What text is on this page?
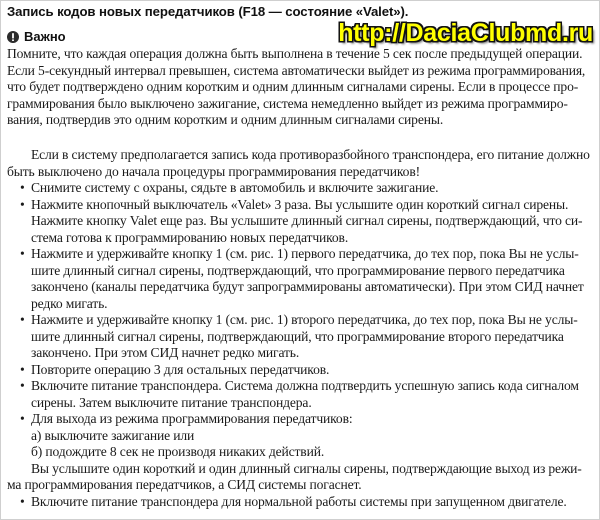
Запись кодов новых передатчиков (F18 — состояние «Valet»).
http://DaciaClubmd.ru
Важно
Помните, что каждая операция должна быть выполнена в течение 5 сек после предыдущей операции.
Если 5-секундный интервал превышен, система автоматически выйдет из режима программирования,
что будет подтверждено одним коротким и одним длинным сигналами сирены. Если в процессе про-
граммирования было выключено зажигание, система немедленно выйдет из режима программиро-
вания, подтвердив это одним коротким и одним длинным сигналами сирены.
Если в систему предполагается запись кода противоразбойного транспондера, его питание должно
быть выключено до начала процедуры программирования передатчиков!
• Снимите систему с охраны, сядьте в автомобиль и включите зажигание.
• Нажмите кнопочный выключатель «Valet» 3 раза. Вы услышите один короткий сигнал сирены.
Нажмите кнопку Valet еще раз. Вы услышите длинный сигнал сирены, подтверждающий, что си-
стема готова к программированию новых передатчиков.
• Нажмите и удерживайте кнопку 1 (см. рис. 1) первого передатчика, до тех пор, пока Вы не услы-
шите длинный сигнал сирены, подтверждающий, что программирование первого передатчика
закончено (каналы передатчика будут запрограммированы автоматически). При этом СИД начнет
редко мигать.
• Нажмите и удерживайте кнопку 1 (см. рис. 1) второго передатчика, до тех пор, пока Вы не услы-
шите длинный сигнал сирены, подтверждающий, что программирование второго передатчика
закончено. При этом СИД начнет редко мигать.
• Повторите операцию 3 для остальных передатчиков.
• Включите питание транспондера. Система должна подтвердить успешную запись кода сигналом
сирены. Затем выключите питание транспондера.
• Для выхода из режима программирования передатчиков:
а) выключите зажигание или
б) подождите 8 сек не производя никаких действий.
Вы услышите один короткий и один длинный сигналы сирены, подтверждающие выход из режи-
ма программирования передатчиков, а СИД системы погаснет.
• Включите питание транспондера для нормальной работы системы при запущенном двигателе.
